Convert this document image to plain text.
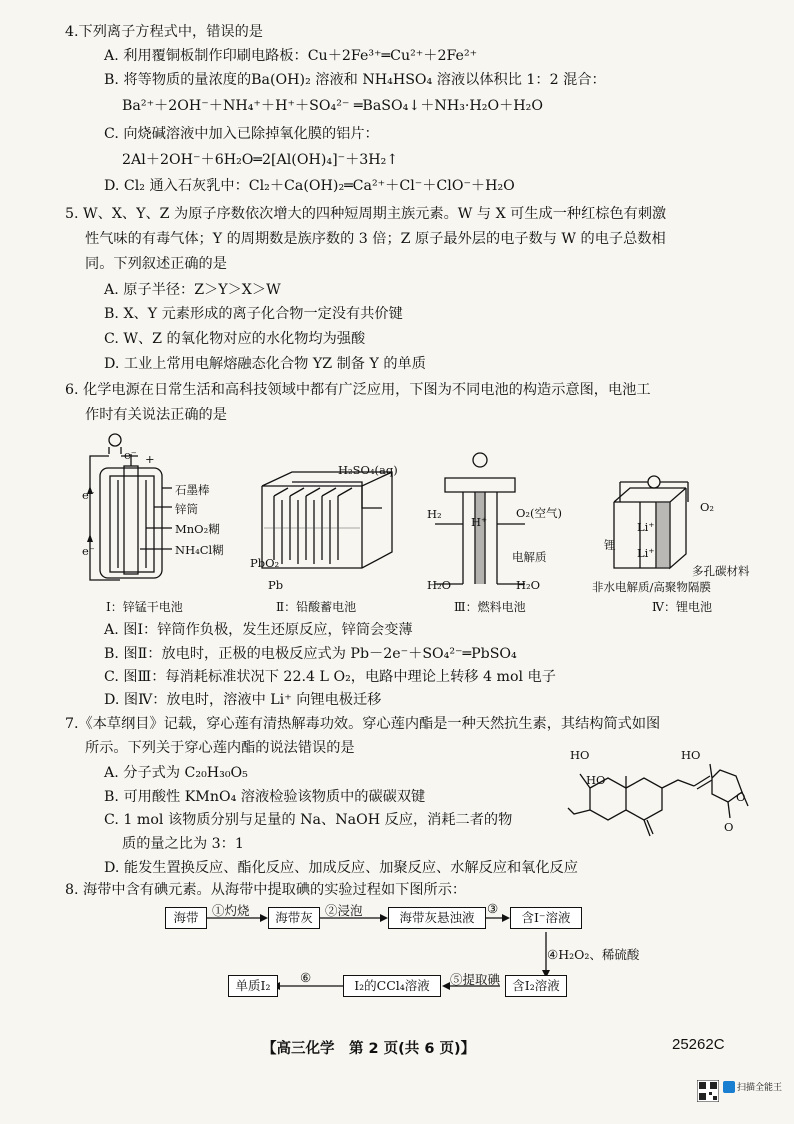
4.下列离子方程式中，错误的是
A. 利用覆铜板制作印刷电路板：Cu＋2Fe³⁺═Cu²⁺＋2Fe²⁺
B. 将等物质的量浓度的Ba(OH)₂ 溶液和 NH₄HSO₄ 溶液以体积比 1：2 混合：
Ba²⁺＋2OH⁻＋NH₄⁺＋H⁺＋SO₄²⁻ ═BaSO₄↓＋NH₃·H₂O＋H₂O
C. 向烧碱溶液中加入已除掉氧化膜的铝片：
2Al＋2OH⁻＋6H₂O═2[Al(OH)₄]⁻＋3H₂↑
D. Cl₂ 通入石灰乳中：Cl₂＋Ca(OH)₂═Ca²⁺＋Cl⁻＋ClO⁻＋H₂O
5. W、X、Y、Z 为原子序数依次增大的四种短周期主族元素。W 与 X 可生成一种红棕色有刺激
性气味的有毒气体；Y 的周期数是族序数的 3 倍；Z 原子最外层的电子数与 W 的电子总数相
同。下列叙述正确的是
A. 原子半径：Z＞Y＞X＞W
B. X、Y 元素形成的离子化合物一定没有共价键
C. W、Z 的氧化物对应的水化物均为强酸
D. 工业上常用电解熔融态化合物 YZ 制备 Y 的单质
6. 化学电源在日常生活和高科技领域中都有广泛应用，下图为不同电池的构造示意图，电池工
作时有关说法正确的是
e⁻ +
e⁻
e⁻
石墨棒
锌筒
MnO₂糊
NH₄Cl糊
Ⅰ：锌锰干电池
H₂SO₄(aq)
PbO₂
Pb
Ⅱ：铅酸蓄电池
H₂
H⁺
O₂(空气)
电解质
H₂O	H₂O
Ⅲ：燃料电池
Li⁺
Li⁺
锂
O₂
多孔碳材料
非水电解质/高聚物隔膜
Ⅳ：锂电池
A. 图Ⅰ：锌筒作负极，发生还原反应，锌筒会变薄
B. 图Ⅱ：放电时，正极的电极反应式为 Pb－2e⁻＋SO₄²⁻═PbSO₄
C. 图Ⅲ：每消耗标准状况下 22.4 L O₂，电路中理论上转移 4 mol 电子
D. 图Ⅳ：放电时，溶液中 Li⁺ 向锂电极迁移
7.《本草纲目》记载，穿心莲有清热解毒功效。穿心莲内酯是一种天然抗生素，其结构简式如图
所示。下列关于穿心莲内酯的说法错误的是
A. 分子式为 C₂₀H₃₀O₅
B. 可用酸性 KMnO₄ 溶液检验该物质中的碳碳双键
C. 1 mol 该物质分别与足量的 Na、NaOH 反应，消耗二者的物
质的量之比为 3：1
D. 能发生置换反应、酯化反应、加成反应、加聚反应、水解反应和氧化反应
HO
HO
HO
O
O
8. 海带中含有碘元素。从海带中提取碘的实验过程如下图所示：
海带	海带灰	海带灰悬浊液	含I⁻溶液
含I₂溶液
I₂的CCl₄溶液
单质I₂
①灼烧	②浸泡	③
④H₂O₂、稀硫酸
⑤提取碘
⑥
【高三化学　第 2 页(共 6 页)】	25262C
扫描全能王
